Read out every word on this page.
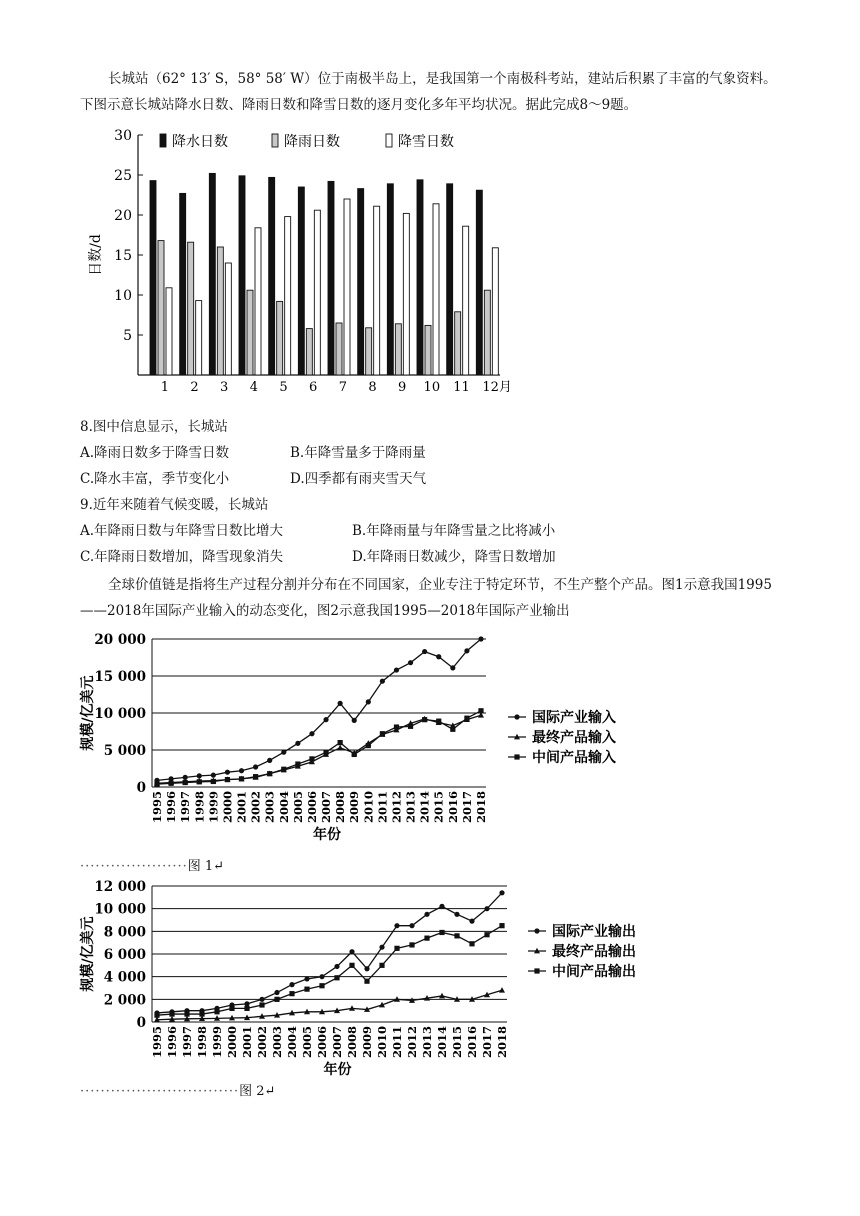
长城站（62° 13′ S，58° 58′ W）位于南极半岛上，是我国第一个南极科考站，建站后积累了丰富的气象资料。下图示意长城站降水日数、降雨日数和降雪日数的逐月变化多年平均状况。据此完成8～9题。
5
10
15
20
25
30
日数/d
1 2 3 4 5 6 7 8 9 10 11 12月
降水日数	降雨日数	降雪日数
8.图中信息显示，长城站
A.降雨日数多于降雪日数	B.年降雪量多于降雨量
C.降水丰富，季节变化小	D.四季都有雨夹雪天气
9.近年来随着气候变暖，长城站
A.年降雨日数与年降雪日数比增大	B.年降雨量与年降雪量之比将减小
C.年降雨日数增加，降雪现象消失	D.年降雨日数减少，降雪日数增加
全球价值链是指将生产过程分割并分布在不同国家，企业专注于特定环节，不生产整个产品。图1示意我国1995——2018年国际产业输入的动态变化，图2示意我国1995—2018年国际产业输出
0
5 000
10 000
15 000
20 000
规模/亿美元
1995 1996 1997 1998 1999 2000 2001 2002 2003 2004 2005 2006 2007 2008 2009 2010 2011 2012 2013 2014 2015 2016 2017 2018
年份
国际产业输入
最终产品输入
中间产品输入
·····················图 1↵
0
2 000
4 000
6 000
8 000
10 000
12 000
规模/亿美元
1995 1996 1997 1998 1999 2000 2001 2002 2003 2004 2005 2006 2007 2008 2009 2010 2011 2012 2013 2014 2015 2016 2017 2018
年份
国际产业输出
最终产品输出
中间产品输出
·······························图 2↵
